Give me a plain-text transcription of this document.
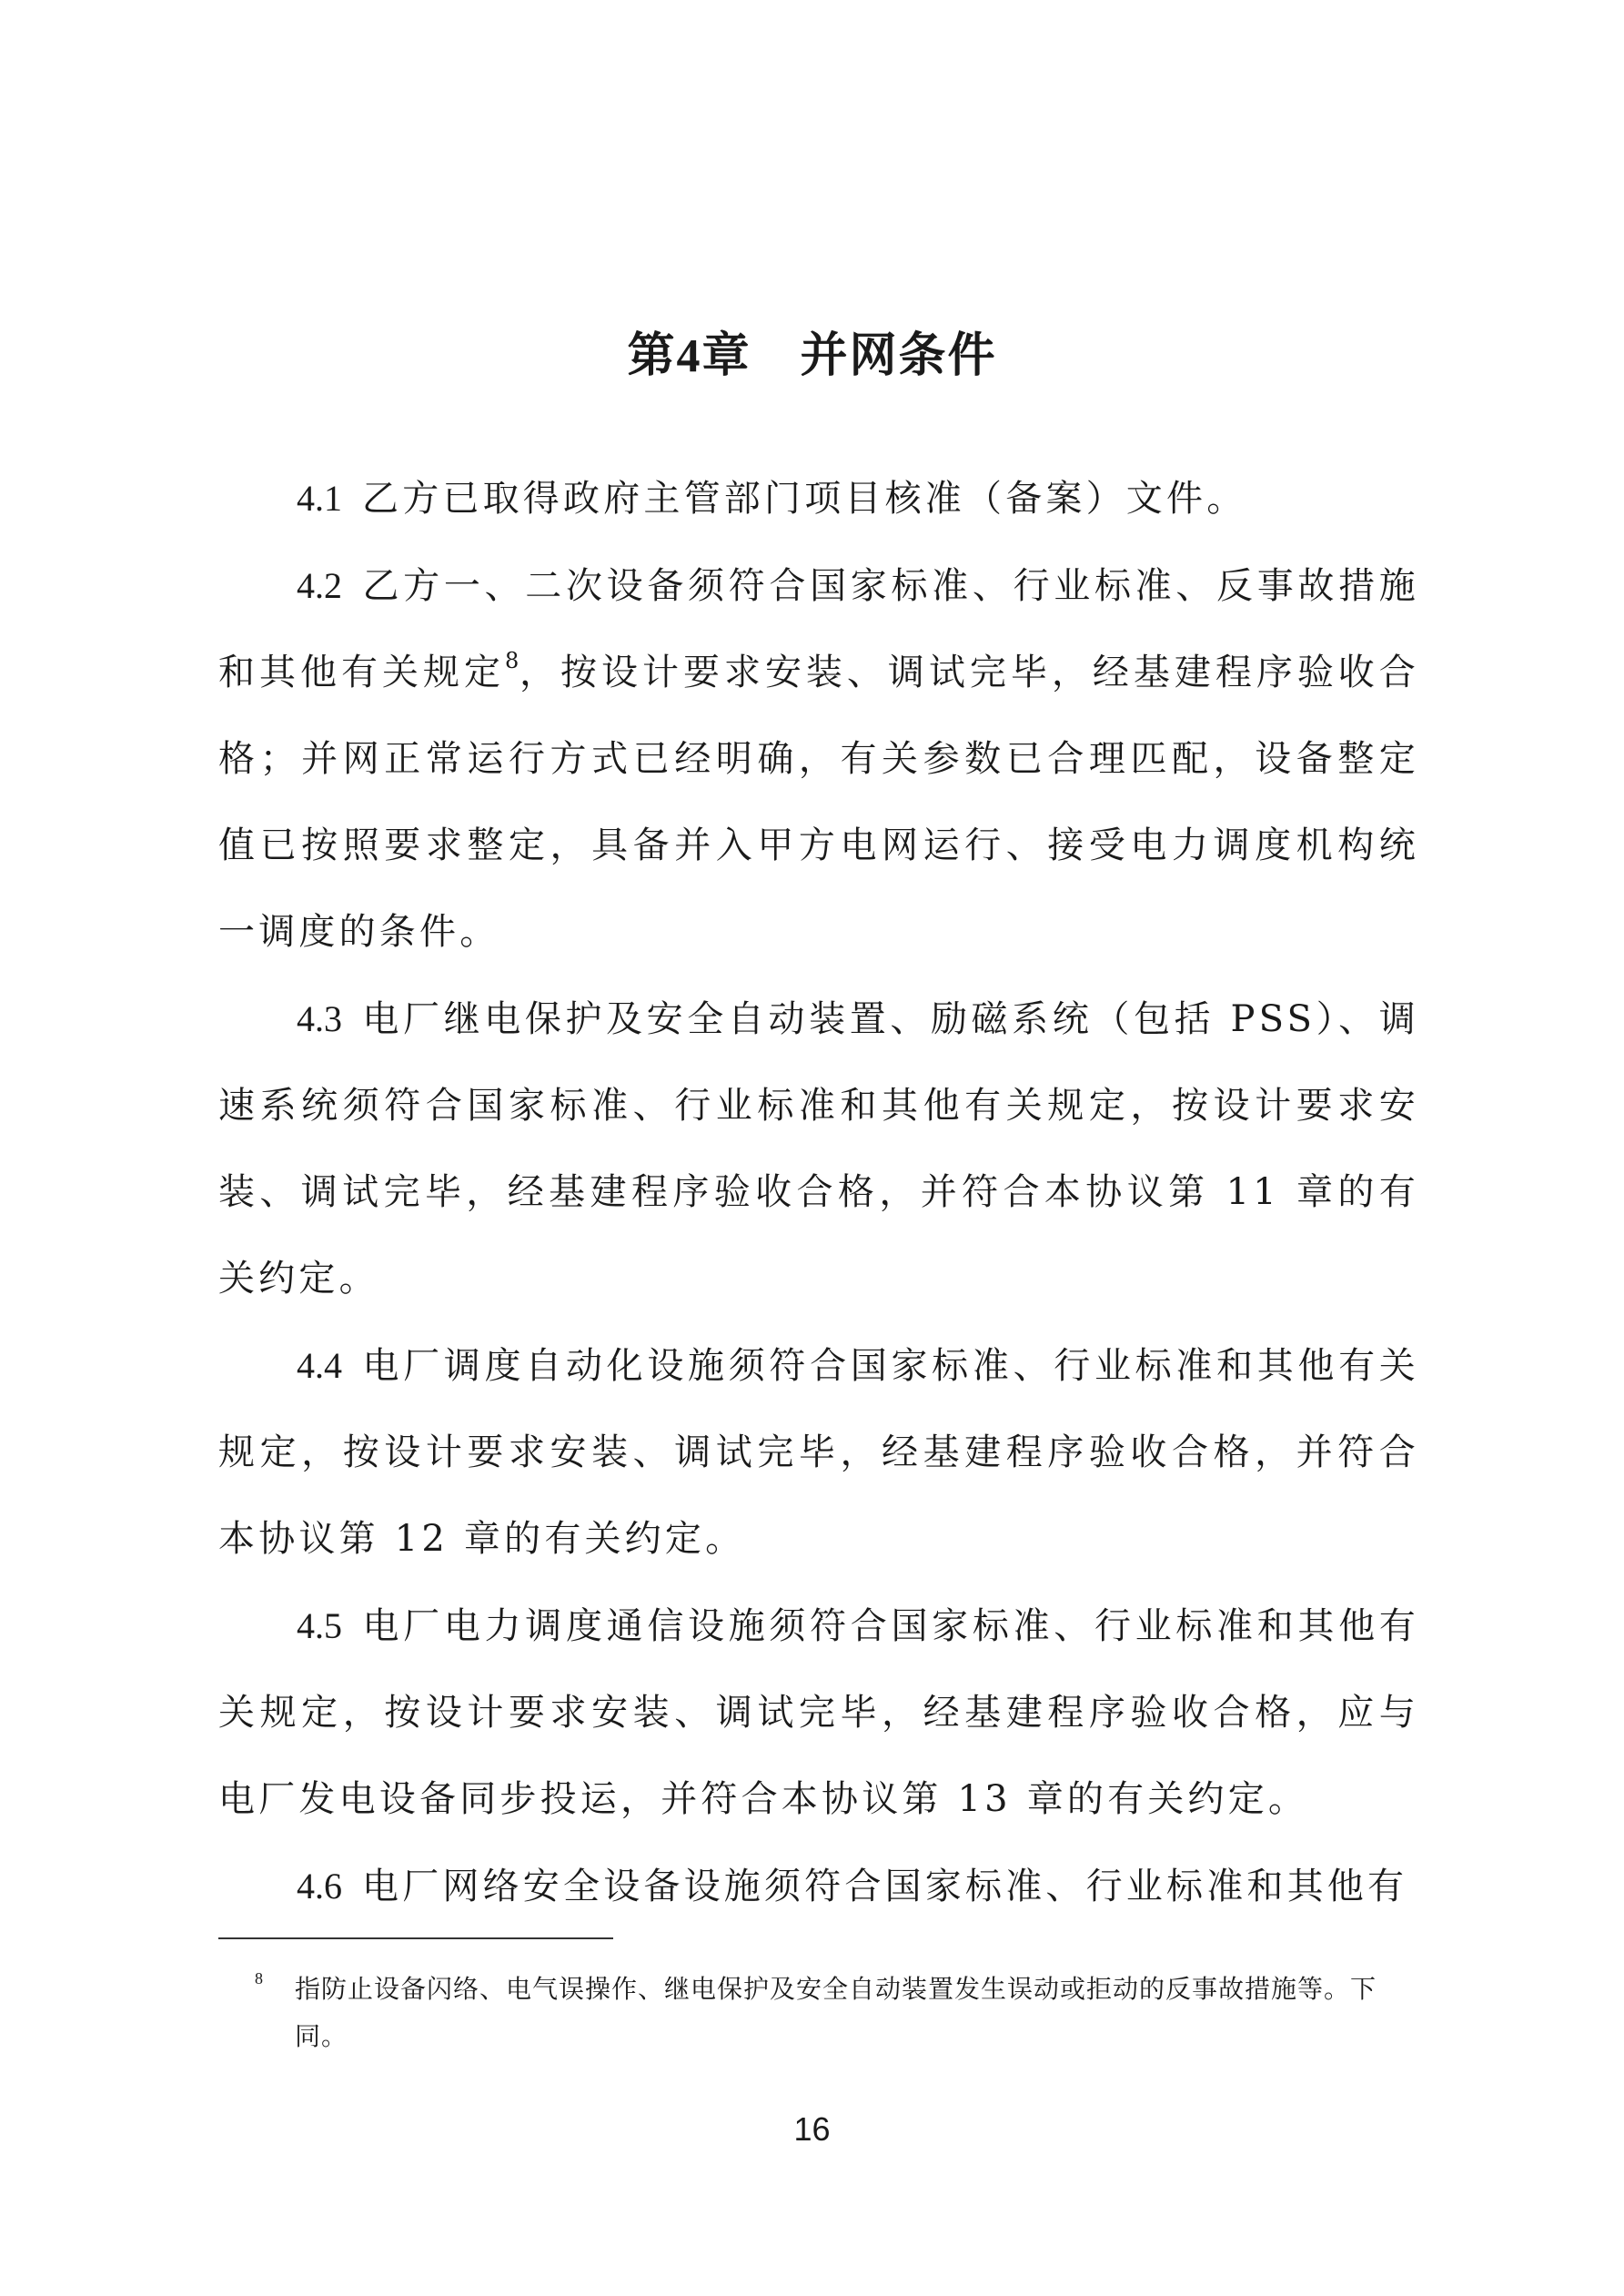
第4章　 并网条件

4.1 乙方已取得政府主管部门项目核准（备案）文件。

4.2 乙方一、二次设备须符合国家标准、行业标准、反事故措施和其他有关规定$^8$，按设计要求安装、调试完毕，经基建程序验收合格；并网正常运行方式已经明确，有关参数已合理匹配，设备整定值已按照要求整定，具备并入甲方电网运行、接受电力调度机构统一调度的条件。

4.3 电厂继电保护及安全自动装置、励磁系统（包括 PSS）、调速系统须符合国家标准、行业标准和其他有关规定，按设计要求安装、调试完毕，经基建程序验收合格，并符合本协议第 11 章的有关约定。

4.4 电厂调度自动化设施须符合国家标准、行业标准和其他有关规定，按设计要求安装、调试完毕，经基建程序验收合格，并符合本协议第 12 章的有关约定。

4.5 电厂电力调度通信设施须符合国家标准、行业标准和其他有关规定，按设计要求安装、调试完毕，经基建程序验收合格，应与电厂发电设备同步投运，并符合本协议第 13 章的有关约定。

4.6 电厂网络安全设备设施须符合国家标准、行业标准和其他有

8	指防止设备闪络、电气误操作、继电保护及安全自动装置发生误动或拒动的反事故措施等。下同。
16
